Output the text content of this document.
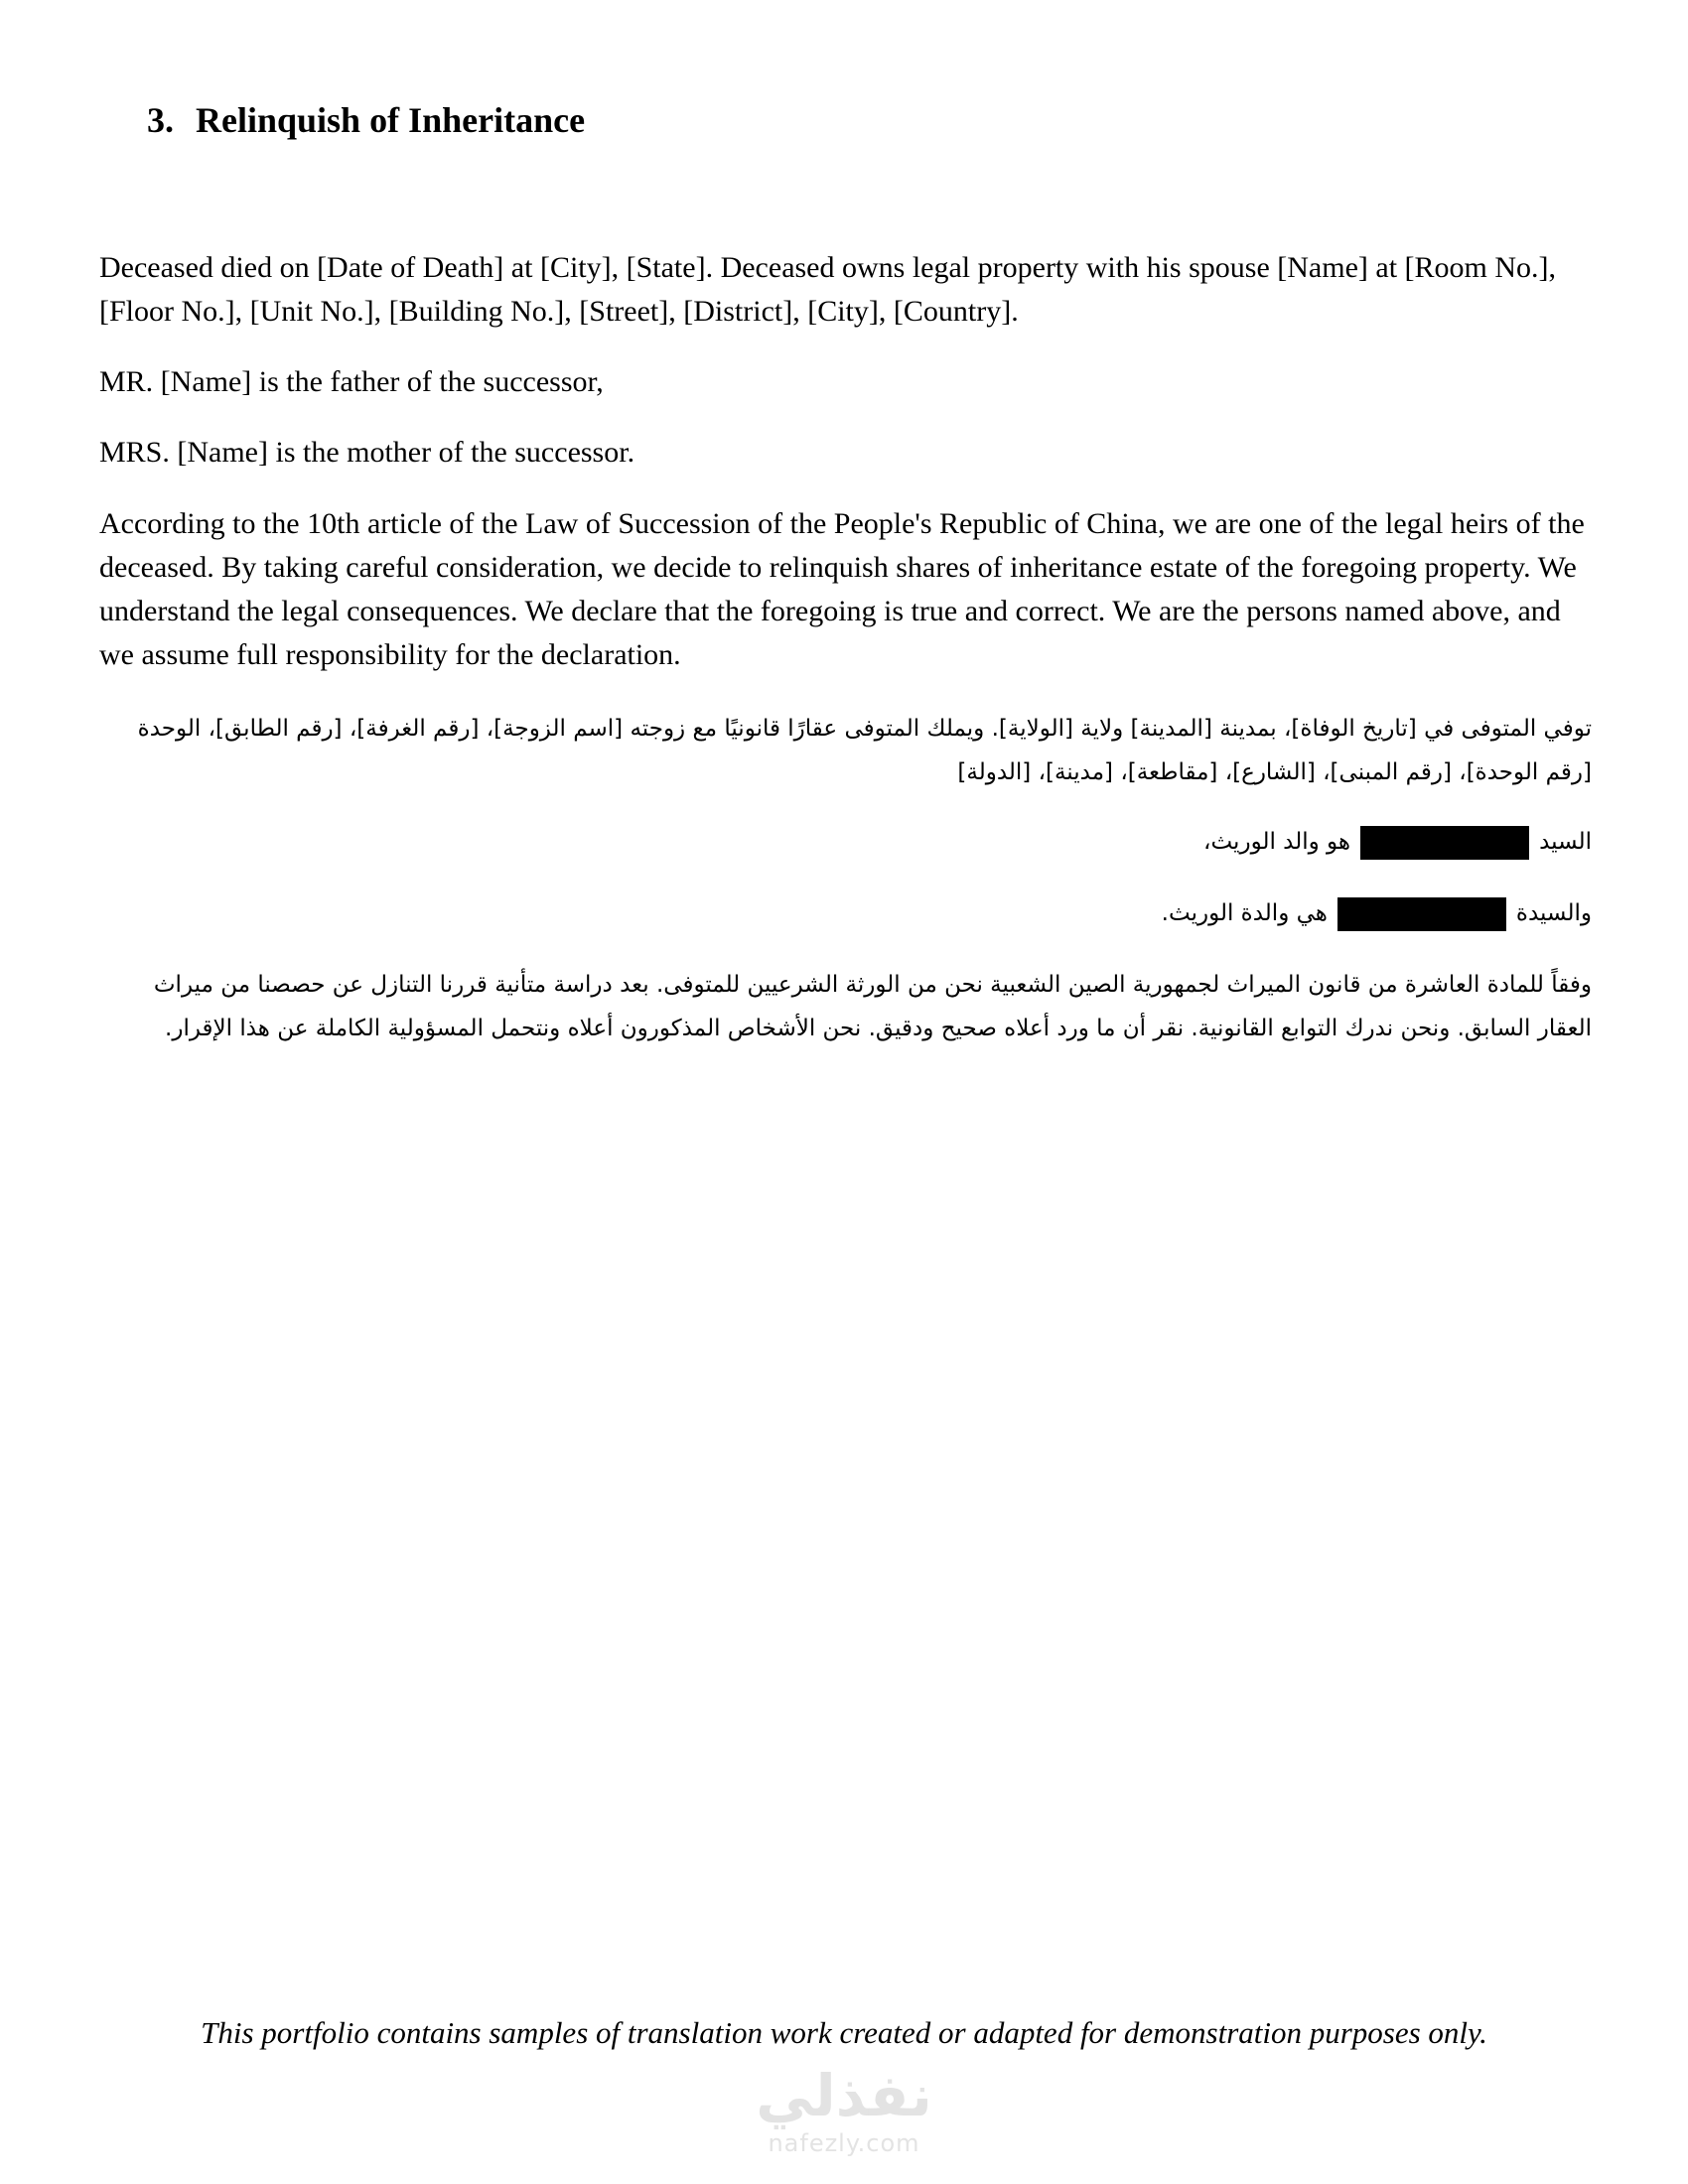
3. Relinquish of Inheritance

Deceased died on [Date of Death] at [City], [State]. Deceased owns legal property with his spouse [Name] at [Room No.], [Floor No.], [Unit No.], [Building No.], [Street], [District], [City], [Country].

MR. [Name] is the father of the successor,

MRS. [Name] is the mother of the successor.

According to the 10th article of the Law of Succession of the People's Republic of China, we are one of the legal heirs of the deceased. By taking careful consideration, we decide to relinquish shares of inheritance estate of the foregoing property. We understand the legal consequences. We declare that the foregoing is true and correct. We are the persons named above, and we assume full responsibility for the declaration.

توفي المتوفى في [تاريخ الوفاة]، بمدينة [المدينة] ولاية [الولاية]. ويملك المتوفى عقارًا قانونيًا مع زوجته [اسم الزوجة]، [رقم الغرفة]، [رقم الطابق]، الوحدة [رقم الوحدة]، [رقم المبنى]، [الشارع]، [مقاطعة]، [مدينة]، [الدولة]

السيدهو والد الوريث،

والسيدةهي والدة الوريث.

وفقاً للمادة العاشرة من قانون الميراث لجمهورية الصين الشعبية نحن من الورثة الشرعيين للمتوفى. بعد دراسة متأنية قررنا التنازل عن حصصنا من ميراث العقار السابق. ونحن ندرك التوابع القانونية. نقر أن ما ورد أعلاه صحيح ودقيق. نحن الأشخاص المذكورون أعلاه ونتحمل المسؤولية الكاملة عن هذا الإقرار.

This portfolio contains samples of translation work created or adapted for demonstration purposes only.

نفذلي
nafezly.com
